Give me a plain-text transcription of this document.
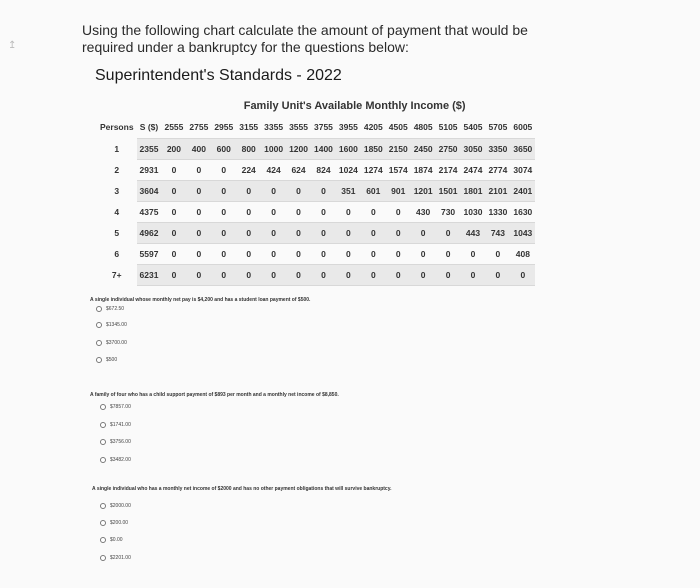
↥
Using the following chart calculate the amount of payment that would be required under a bankruptcy for the questions below:
Superintendent's Standards - 2022
Family Unit's Available Monthly Income ($)																
Persons	S ($)	2555	2755	2955	3155	3355	3555	3755	3955	4205	4505	4805	5105	5405	5705	6005
1	2355	200	400	600	800	1000	1200	1400	1600	1850	2150	2450	2750	3050	3350	3650
2	2931	0	0	0	224	424	624	824	1024	1274	1574	1874	2174	2474	2774	3074
3	3604	0	0	0	0	0	0	0	351	601	901	1201	1501	1801	2101	2401
4	4375	0	0	0	0	0	0	0	0	0	0	430	730	1030	1330	1630
5	4962	0	0	0	0	0	0	0	0	0	0	0	0	443	743	1043
6	5597	0	0	0	0	0	0	0	0	0	0	0	0	0	0	408
7+	6231	0	0	0	0	0	0	0	0	0	0	0	0	0	0	0
A single individual whose monthly net pay is $4,200 and has a student loan payment of $500.
$672.50
$1345.00
$3700.00
$500
A family of four who has a child support payment of $893 per month and a monthly net income of $8,850.
$7857.00
$1741.00
$3756.00
$3482.00
A single individual who has a monthly net income of $2000 and has no other payment obligations that will survive bankruptcy.
$2000.00
$200.00
$0.00
$2201.00
